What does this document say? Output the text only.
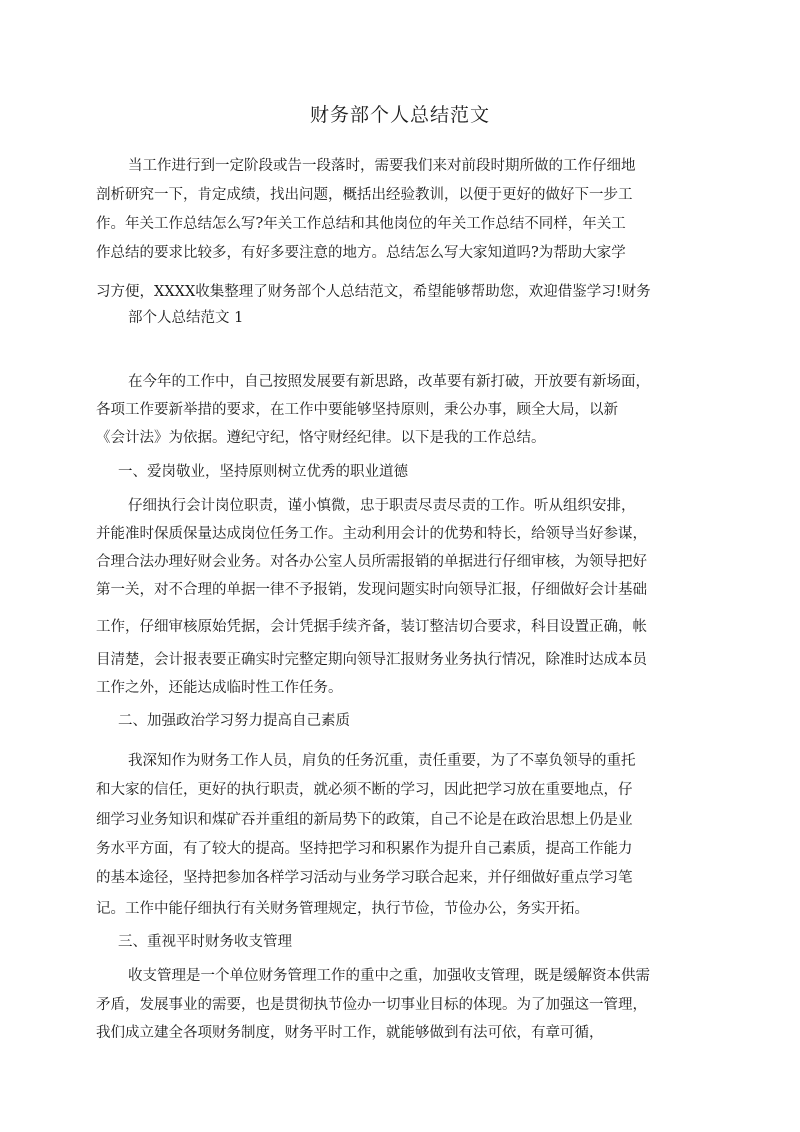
财务部个人总结范文
当工作进行到一定阶段或告一段落时，需要我们来对前段时期所做的工作仔细地
剖析研究一下，肯定成绩，找出问题，概括出经验教训，以便于更好的做好下一步工
作。年关工作总结怎么写?年关工作总结和其他岗位的年关工作总结不同样，年关工
作总结的要求比较多，有好多要注意的地方。总结怎么写大家知道吗?为帮助大家学
习方便，XXXX收集整理了财务部个人总结范文，希望能够帮助您，欢迎借鉴学习!财务
部个人总结范文 1
在今年的工作中，自己按照发展要有新思路，改革要有新打破，开放要有新场面，
各项工作要新举措的要求，在工作中要能够坚持原则，秉公办事，顾全大局，以新
《会计法》为依据。遵纪守纪，恪守财经纪律。以下是我的工作总结。
一、爱岗敬业，坚持原则树立优秀的职业道德
仔细执行会计岗位职责，谨小慎微，忠于职责尽责尽责的工作。听从组织安排，
并能准时保质保量达成岗位任务工作。主动利用会计的优势和特长，给领导当好参谋，
合理合法办理好财会业务。对各办公室人员所需报销的单据进行仔细审核，为领导把好
第一关，对不合理的单据一律不予报销，发现问题实时向领导汇报，仔细做好会计基础
工作，仔细审核原始凭据，会计凭据手续齐备，装订整洁切合要求，科目设置正确，帐
目清楚，会计报表要正确实时完整定期向领导汇报财务业务执行情况，除准时达成本员
工作之外，还能达成临时性工作任务。
二、加强政治学习努力提高自己素质
我深知作为财务工作人员，肩负的任务沉重，责任重要，为了不辜负领导的重托
和大家的信任，更好的执行职责，就必须不断的学习，因此把学习放在重要地点，仔
细学习业务知识和煤矿吞并重组的新局势下的政策，自己不论是在政治思想上仍是业
务水平方面，有了较大的提高。坚持把学习和积累作为提升自己素质，提高工作能力
的基本途径，坚持把参加各样学习活动与业务学习联合起来，并仔细做好重点学习笔
记。工作中能仔细执行有关财务管理规定，执行节俭，节俭办公，务实开拓。
三、重视平时财务收支管理
收支管理是一个单位财务管理工作的重中之重，加强收支管理，既是缓解资本供需
矛盾，发展事业的需要，也是贯彻执节俭办一切事业目标的体现。为了加强这一管理，
我们成立建全各项财务制度，财务平时工作，就能够做到有法可依，有章可循，
